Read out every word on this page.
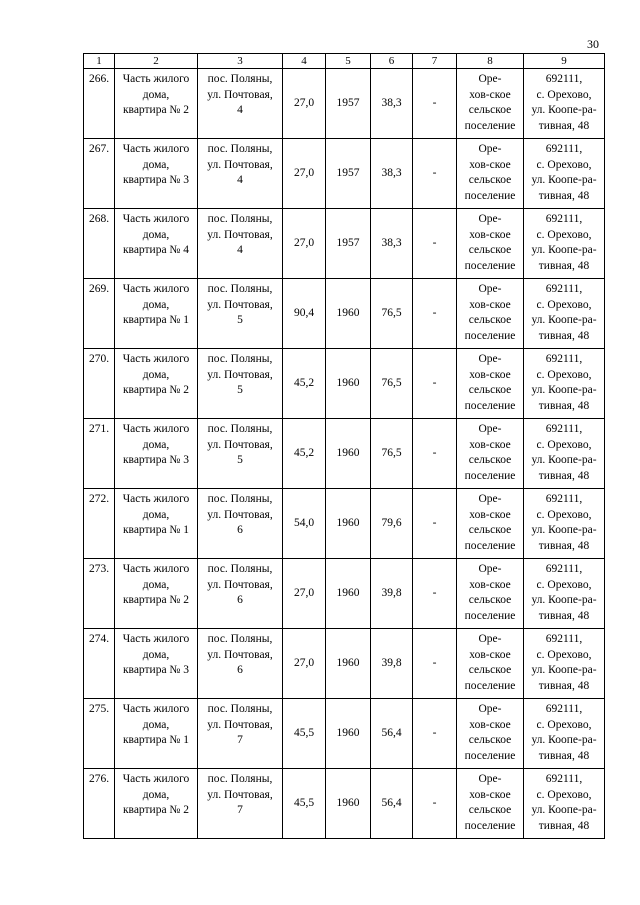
30
1	2	3	4	5	6	7	8	9

266.	Часть жилого
дома,
квартира № 2	пос. Поляны,
ул. Почтовая,
4	27,0	1957	38,3	-	Оре-
хов-ское
сельское
поселение	692111,
с. Орехово,
ул. Коопе-ра-
тивная, 48

267.	Часть жилого
дома,
квартира № 3	пос. Поляны,
ул. Почтовая,
4	27,0	1957	38,3	-	Оре-
хов-ское
сельское
поселение	692111,
с. Орехово,
ул. Коопе-ра-
тивная, 48

268.	Часть жилого
дома,
квартира № 4	пос. Поляны,
ул. Почтовая,
4	27,0	1957	38,3	-	Оре-
хов-ское
сельское
поселение	692111,
с. Орехово,
ул. Коопе-ра-
тивная, 48

269.	Часть жилого
дома,
квартира № 1	пос. Поляны,
ул. Почтовая,
5	90,4	1960	76,5	-	Оре-
хов-ское
сельское
поселение	692111,
с. Орехово,
ул. Коопе-ра-
тивная, 48

270.	Часть жилого
дома,
квартира № 2	пос. Поляны,
ул. Почтовая,
5	45,2	1960	76,5	-	Оре-
хов-ское
сельское
поселение	692111,
с. Орехово,
ул. Коопе-ра-
тивная, 48

271.	Часть жилого
дома,
квартира № 3	пос. Поляны,
ул. Почтовая,
5	45,2	1960	76,5	-	Оре-
хов-ское
сельское
поселение	692111,
с. Орехово,
ул. Коопе-ра-
тивная, 48

272.	Часть жилого
дома,
квартира № 1	пос. Поляны,
ул. Почтовая,
6	54,0	1960	79,6	-	Оре-
хов-ское
сельское
поселение	692111,
с. Орехово,
ул. Коопе-ра-
тивная, 48

273.	Часть жилого
дома,
квартира № 2	пос. Поляны,
ул. Почтовая,
6	27,0	1960	39,8	-	Оре-
хов-ское
сельское
поселение	692111,
с. Орехово,
ул. Коопе-ра-
тивная, 48

274.	Часть жилого
дома,
квартира № 3	пос. Поляны,
ул. Почтовая,
6	27,0	1960	39,8	-	Оре-
хов-ское
сельское
поселение	692111,
с. Орехово,
ул. Коопе-ра-
тивная, 48

275.	Часть жилого
дома,
квартира № 1	пос. Поляны,
ул. Почтовая,
7	45,5	1960	56,4	-	Оре-
хов-ское
сельское
поселение	692111,
с. Орехово,
ул. Коопе-ра-
тивная, 48

276.	Часть жилого
дома,
квартира № 2	пос. Поляны,
ул. Почтовая,
7	45,5	1960	56,4	-	Оре-
хов-ское
сельское
поселение	692111,
с. Орехово,
ул. Коопе-ра-
тивная, 48
